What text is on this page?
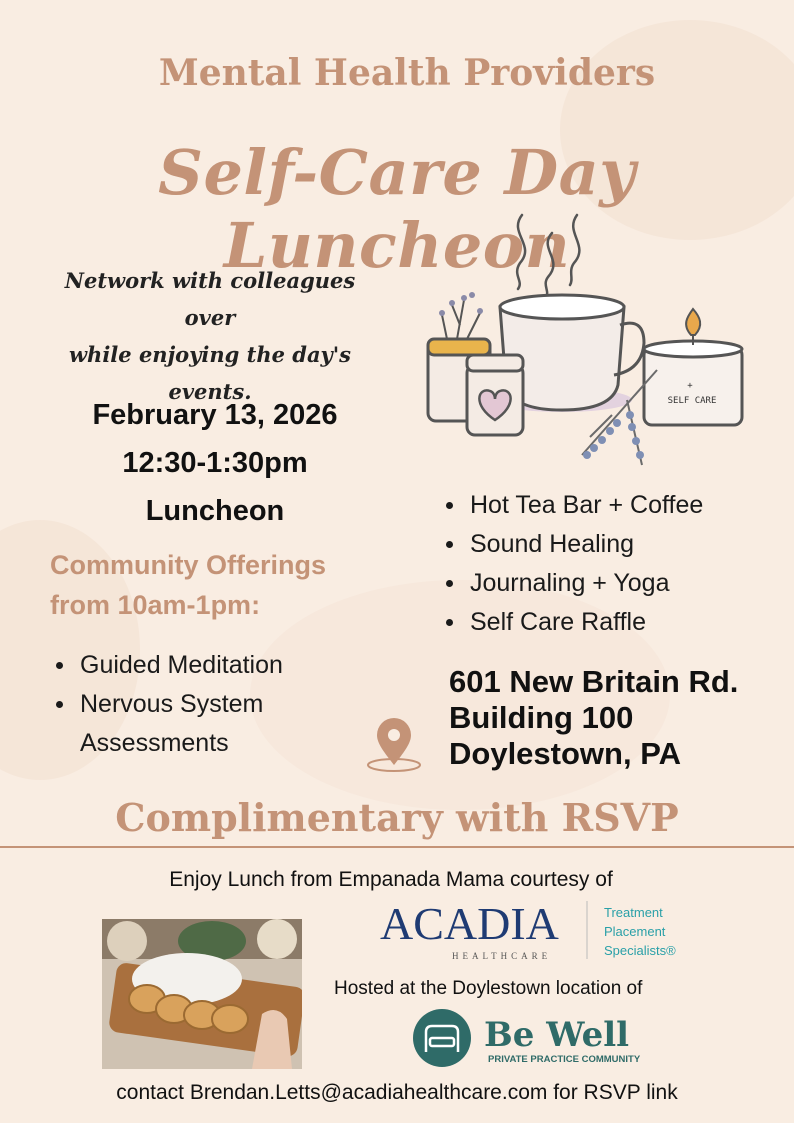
Mental Health Providers
Self-Care Day Luncheon
Network with colleagues over
while enjoying the day's
events.	+
SELF CARE
February 13, 2026
12:30-1:30pm
Luncheon	Hot Tea Bar + Coffee
Sound Healing
Journaling + Yoga
Self Care Raffle
Community Offerings
from 10am-1pm:
Guided Meditation
Nervous System
Assessments
601 New Britain Rd.
Building 100
Doylestown, PA
Complimentary with RSVP
Enjoy Lunch from Empanada Mama courtesy of
ACADIA
HEALTHCARE
Treatment
Placement
Specialists®
Hosted at the Doylestown location of
Be Well
PRIVATE PRACTICE COMMUNITY
contact Brendan.Letts@acadiahealthcare.com for RSVP link
